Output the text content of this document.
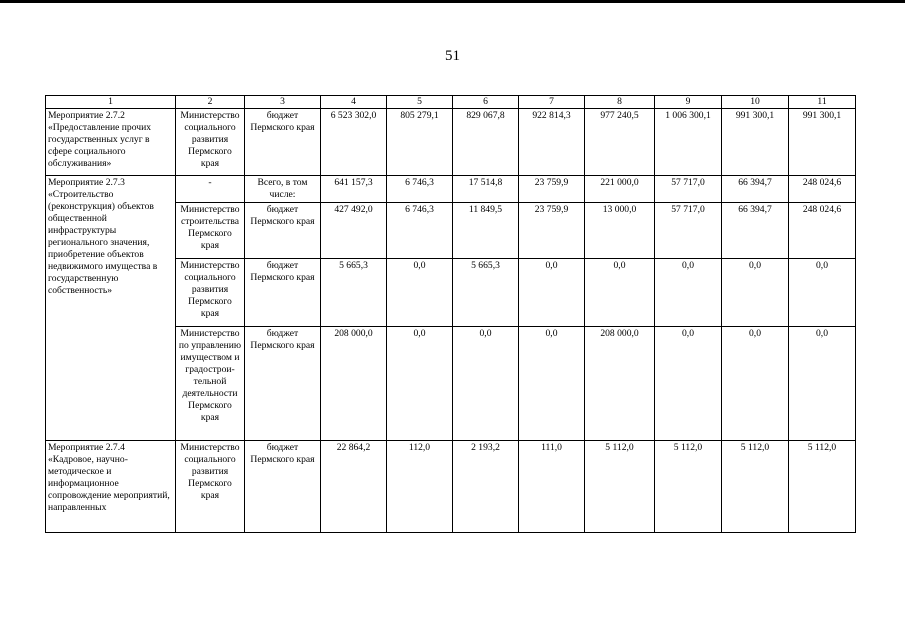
51
1	2	3	4	5	6	7	8	9	10	11
Мероприятие 2.7.2 «Предоставление прочих государственных услуг в сфере социального обслуживания»	Министерство социального развития Пермского края	бюджет Пермского края	6 523 302,0	805 279,1	829 067,8	922 814,3	977 240,5	1 006 300,1	991 300,1	991 300,1
Мероприятие 2.7.3 «Строительство (реконструкция) объектов общественной инфраструктуры регионального значения, приобретение объектов недвижимого имущества в государственную собственность»	-	Всего, в том числе:	641 157,3	6 746,3	17 514,8	23 759,9	221 000,0	57 717,0	66 394,7	248 024,6
	Министерство строительства Пермского края	бюджет Пермского края	427 492,0	6 746,3	11 849,5	23 759,9	13 000,0	57 717,0	66 394,7	248 024,6
	Министерство социального развития Пермского края	бюджет Пермского края	5 665,3	0,0	5 665,3	0,0	0,0	0,0	0,0	0,0
	Министерство по управлению имуществом и градострои-тельной деятельности Пермского края	бюджет Пермского края	208 000,0	0,0	0,0	0,0	208 000,0	0,0	0,0	0,0
Мероприятие 2.7.4 «Кадровое, научно-методическое и информационное сопровождение мероприятий, направленных	Министерство социального развития Пермского края	бюджет Пермского края	22 864,2	112,0	2 193,2	111,0	5 112,0	5 112,0	5 112,0	5 112,0
